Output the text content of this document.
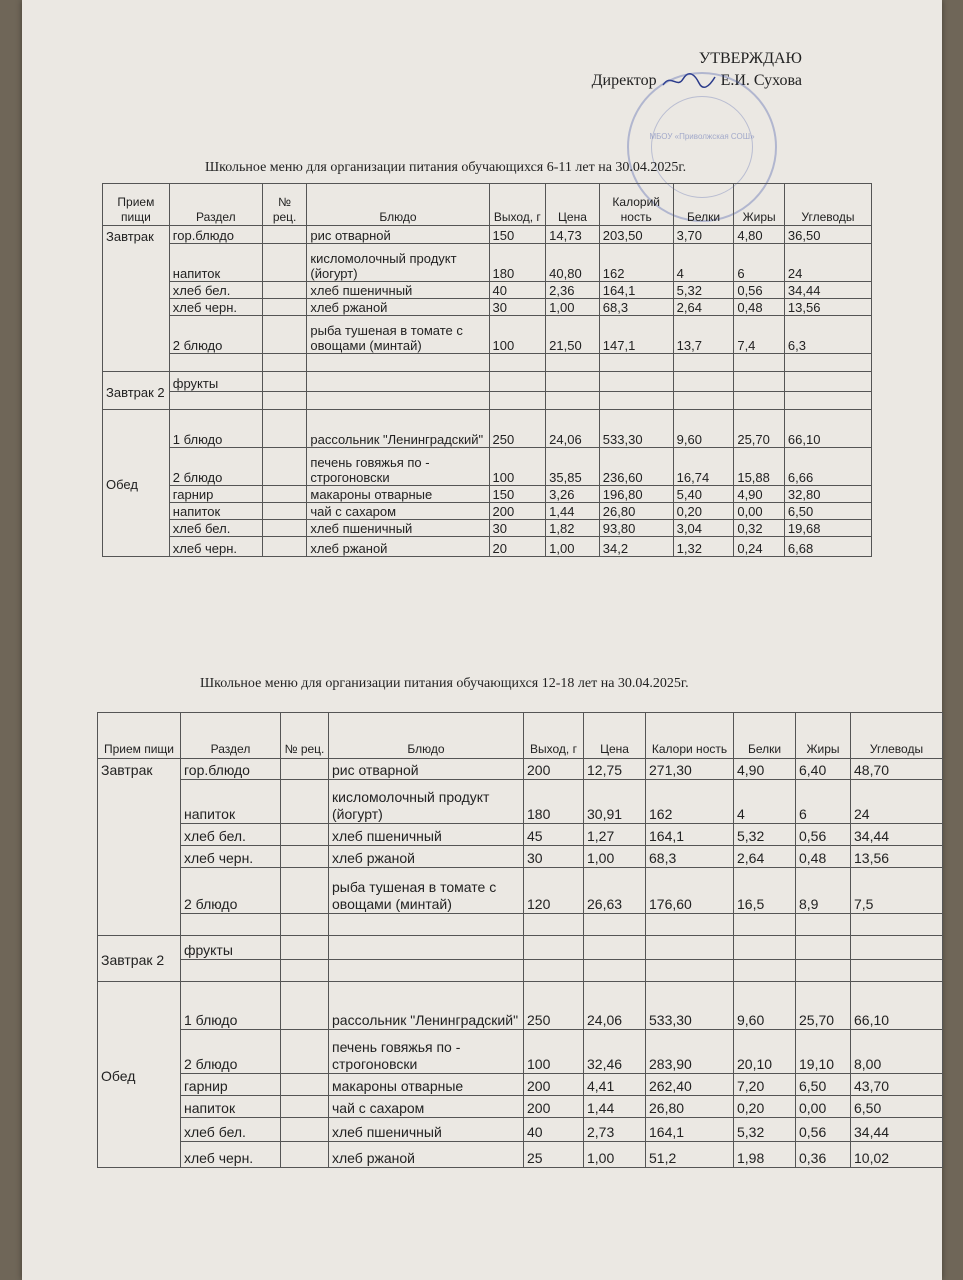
УТВЕРЖДАЮ
Директор	Е.И. Сухова
МБОУ «Приволжская СОШ»
Школьное меню для организации питания обучающихся 6-11 лет на 30.04.2025г.
Прием пищи	Раздел	№ рец.	Блюдо	Выход, г	Цена	Калорий ность	Белки	Жиры	Углеводы
Завтрак	гор.блюдо		рис отварной	150	14,73	203,50	3,70	4,80	36,50
	напиток		кисломолочный продукт (йогурт)	180	40,80	162	4	6	24
	хлеб бел.		хлеб пшеничный	40	2,36	164,1	5,32	0,56	34,44
	хлеб черн.		хлеб ржаной	30	1,00	68,3	2,64	0,48	13,56
	2 блюдо		рыба тушеная в томате с овощами (минтай)	100	21,50	147,1	13,7	7,4	6,3

Завтрак 2	фрукты								

Обед	1 блюдо		рассольник "Ленинградский"	250	24,06	533,30	9,60	25,70	66,10
	2 блюдо		печень говяжья по - строгоновски	100	35,85	236,60	16,74	15,88	6,66
	гарнир		макароны отварные	150	3,26	196,80	5,40	4,90	32,80
	напиток		чай с сахаром	200	1,44	26,80	0,20	0,00	6,50
	хлеб бел.		хлеб пшеничный	30	1,82	93,80	3,04	0,32	19,68
	хлеб черн.		хлеб ржаной	20	1,00	34,2	1,32	0,24	6,68
Школьное меню для организации питания обучающихся 12-18 лет на 30.04.2025г.
Прием пищи	Раздел	№ рец.	Блюдо	Выход, г	Цена	Калори ность	Белки	Жиры	Углеводы
Завтрак	гор.блюдо		рис отварной	200	12,75	271,30	4,90	6,40	48,70
	напиток		кисломолочный продукт (йогурт)	180	30,91	162	4	6	24
	хлеб бел.		хлеб пшеничный	45	1,27	164,1	5,32	0,56	34,44
	хлеб черн.		хлеб ржаной	30	1,00	68,3	2,64	0,48	13,56
	2 блюдо		рыба тушеная в томате с овощами (минтай)	120	26,63	176,60	16,5	8,9	7,5

Завтрак 2	фрукты								

Обед	1 блюдо		рассольник "Ленинградский"	250	24,06	533,30	9,60	25,70	66,10
	2 блюдо		печень говяжья по - строгоновски	100	32,46	283,90	20,10	19,10	8,00
	гарнир		макароны отварные	200	4,41	262,40	7,20	6,50	43,70
	напиток		чай с сахаром	200	1,44	26,80	0,20	0,00	6,50
	хлеб бел.		хлеб пшеничный	40	2,73	164,1	5,32	0,56	34,44
	хлеб черн.		хлеб ржаной	25	1,00	51,2	1,98	0,36	10,02
